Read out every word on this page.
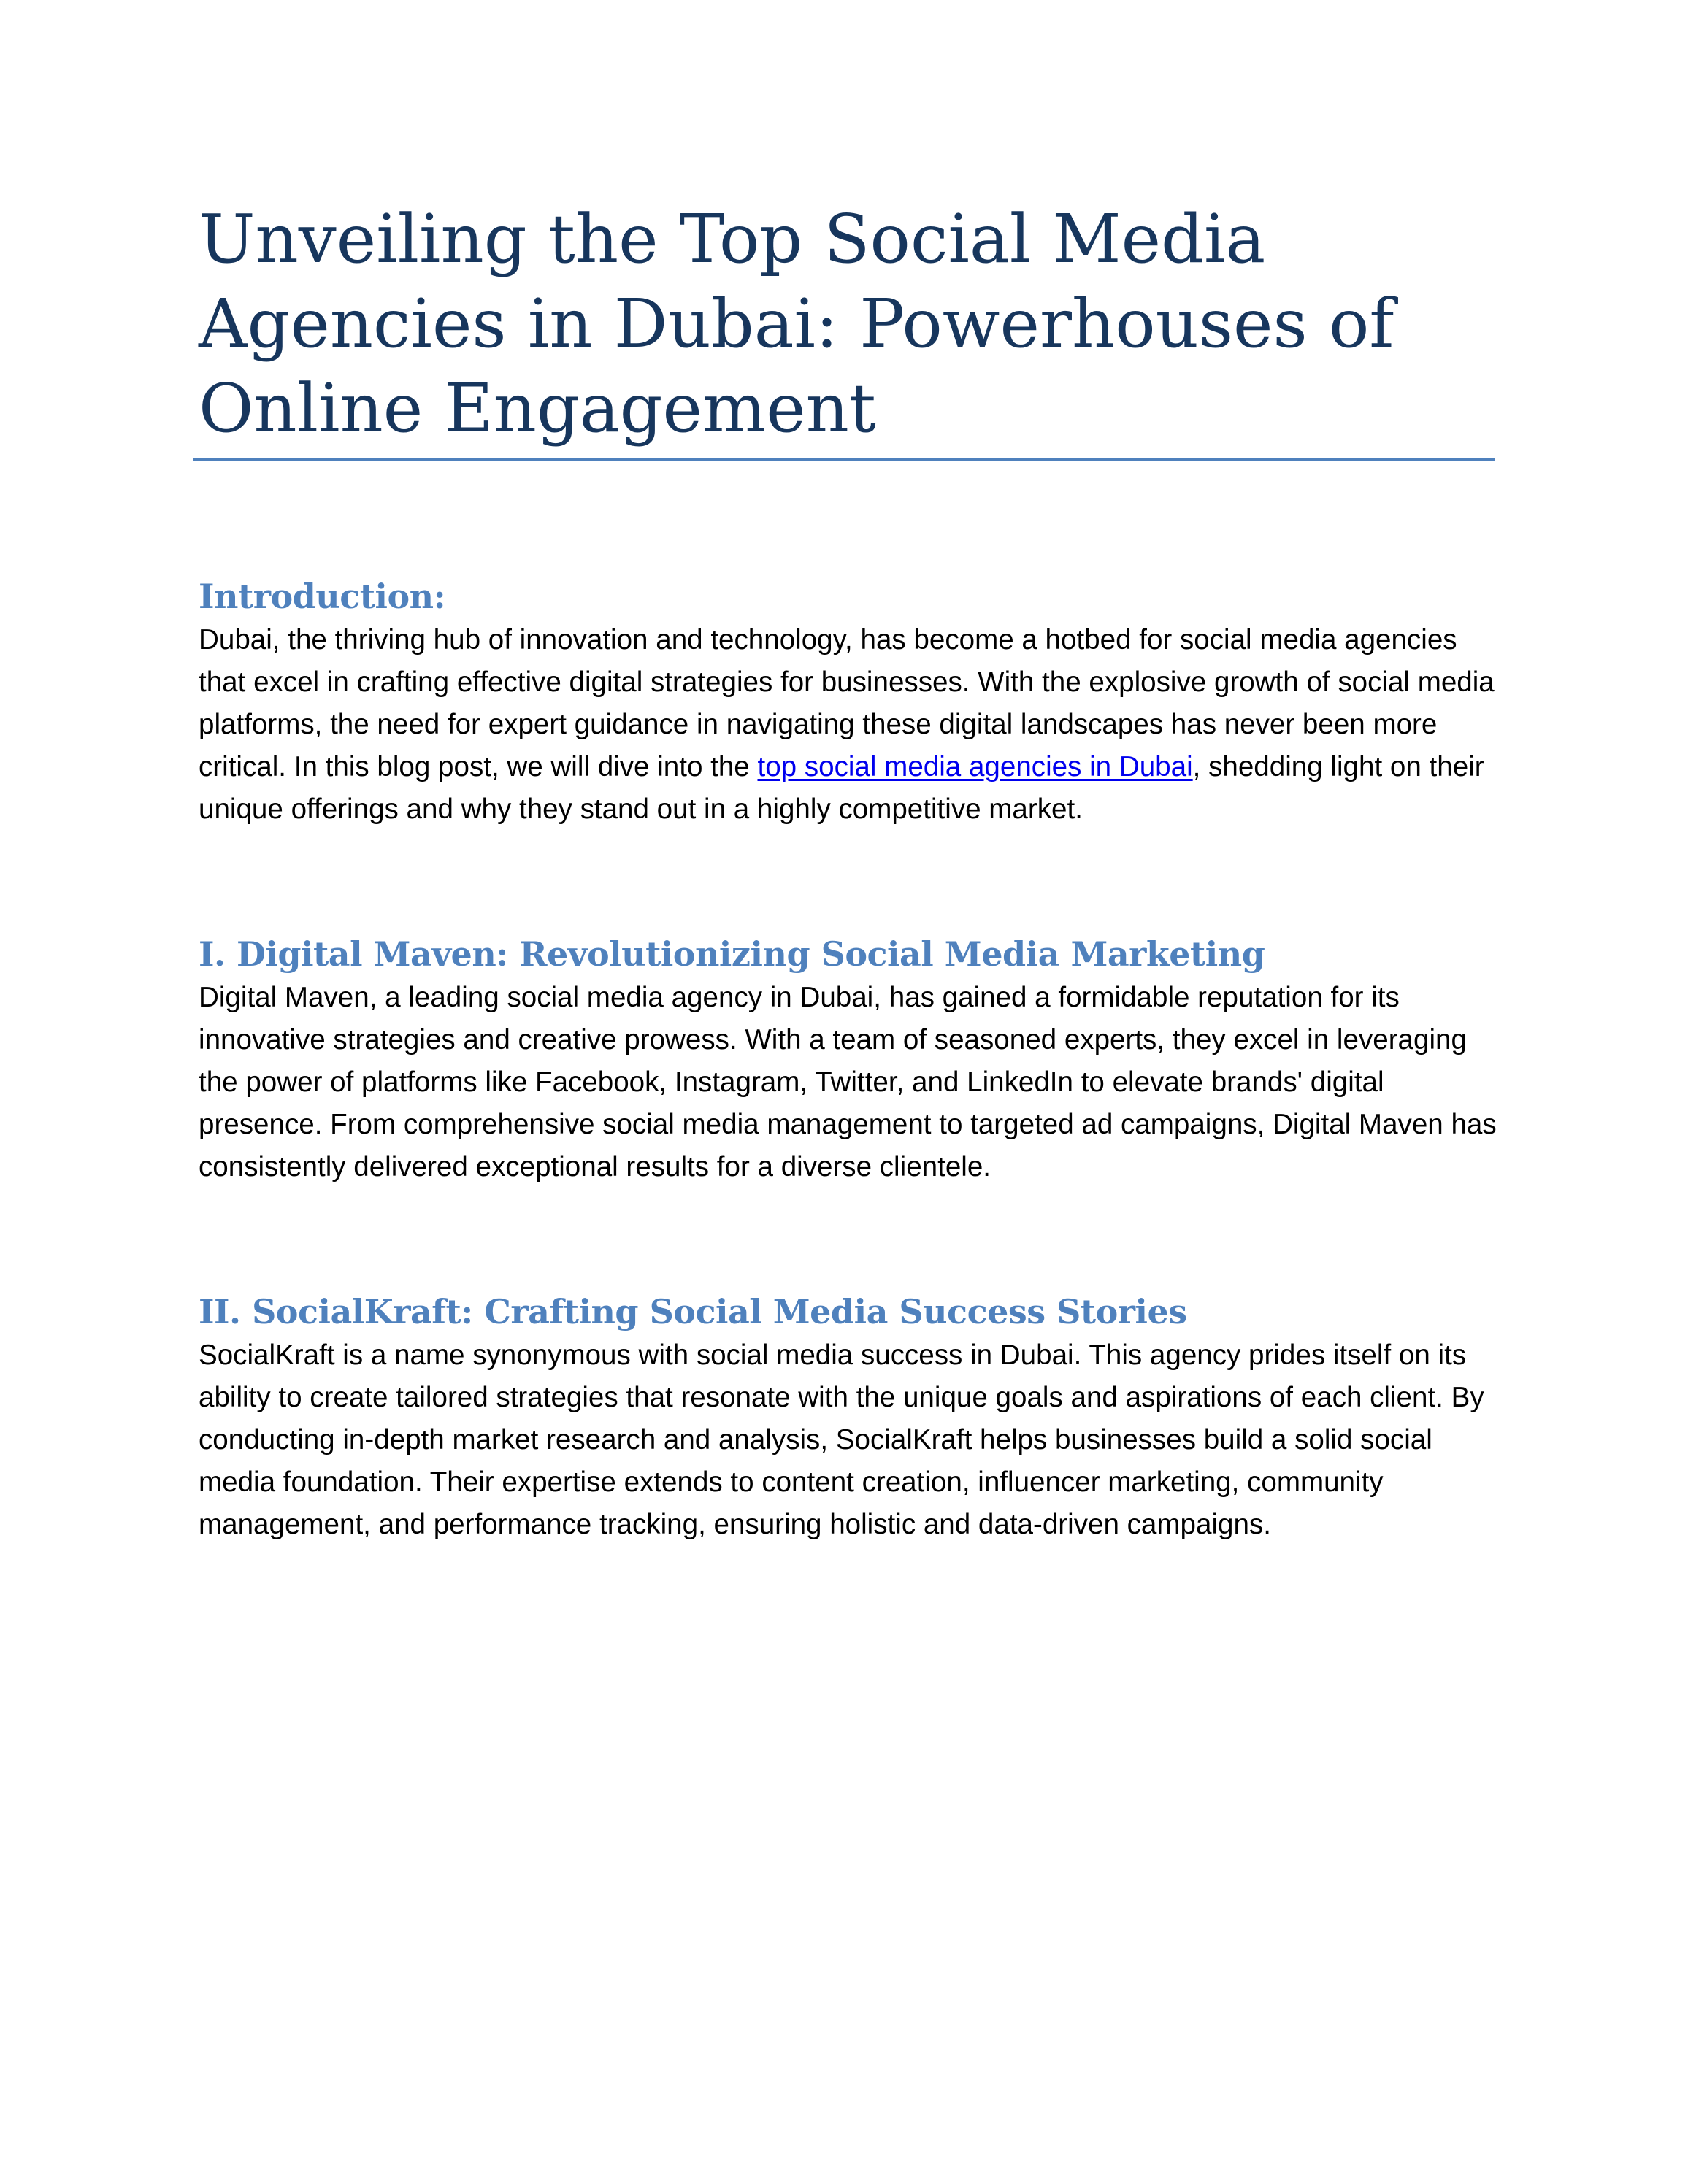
Unveiling the Top Social Media Agencies in Dubai: Powerhouses of Online Engagement
Introduction:

Dubai, the thriving hub of innovation and technology, has become a hotbed for social media agencies that excel in crafting effective digital strategies for businesses. With the explosive growth of social media platforms, the need for expert guidance in navigating these digital landscapes has never been more critical. In this blog post, we will dive into the top social media agencies in Dubai, shedding light on their unique offerings and why they stand out in a highly competitive market.

I. Digital Maven: Revolutionizing Social Media Marketing

Digital Maven, a leading social media agency in Dubai, has gained a formidable reputation for its innovative strategies and creative prowess. With a team of seasoned experts, they excel in leveraging the power of platforms like Facebook, Instagram, Twitter, and LinkedIn to elevate brands' digital presence. From comprehensive social media management to targeted ad campaigns, Digital Maven has consistently delivered exceptional results for a diverse clientele.

II. SocialKraft: Crafting Social Media Success Stories

SocialKraft is a name synonymous with social media success in Dubai. This agency prides itself on its ability to create tailored strategies that resonate with the unique goals and aspirations of each client. By conducting in-depth market research and analysis, SocialKraft helps businesses build a solid social media foundation. Their expertise extends to content creation, influencer marketing, community management, and performance tracking, ensuring holistic and data-driven campaigns.
